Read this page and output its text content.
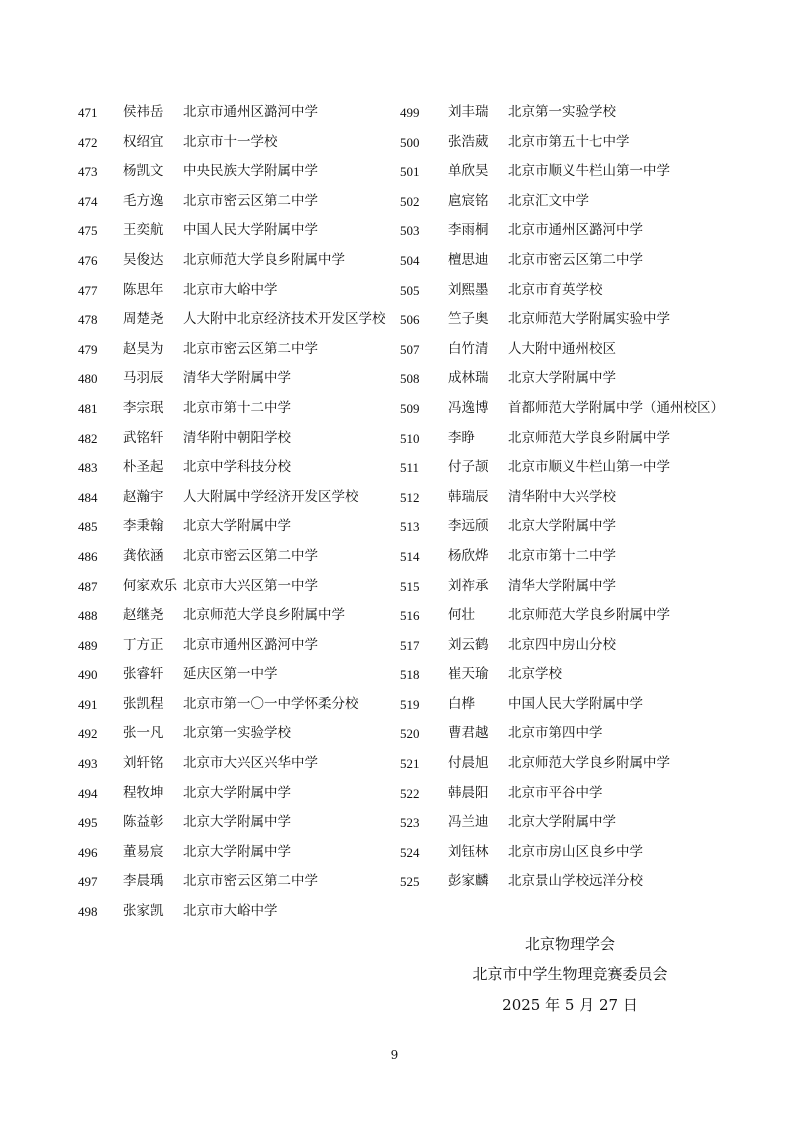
471	侯祎岳	北京市通州区潞河中学
472	权绍宜	北京市十一学校
473	杨凯文	中央民族大学附属中学
474	毛方逸	北京市密云区第二中学
475	王奕航	中国人民大学附属中学
476	吴俊达	北京师范大学良乡附属中学
477	陈思年	北京市大峪中学
478	周楚尧	人大附中北京经济技术开发区学校
479	赵昊为	北京市密云区第二中学
480	马羽辰	清华大学附属中学
481	李宗珉	北京市第十二中学
482	武铭轩	清华附中朝阳学校
483	朴圣起	北京中学科技分校
484	赵瀚宇	人大附属中学经济开发区学校
485	李秉翰	北京大学附属中学
486	龚依涵	北京市密云区第二中学
487	何家欢乐 北京市大兴区第一中学
488	赵继尧	北京师范大学良乡附属中学
489	丁方正	北京市通州区潞河中学
490	张睿轩	延庆区第一中学
491	张凯程	北京市第一〇一中学怀柔分校
492	张一凡	北京第一实验学校
493	刘轩铭	北京市大兴区兴华中学
494	程牧坤	北京大学附属中学
495	陈益彰	北京大学附属中学
496	董易宸	北京大学附属中学
497	李晨瑀	北京市密云区第二中学
498	张家凯	北京市大峪中学
499	刘丰瑞	北京第一实验学校
500	张浩葳	北京市第五十七中学
501	单欣昊	北京市顺义牛栏山第一中学
502	扈宸铭	北京汇文中学
503	李雨桐	北京市通州区潞河中学
504	檀思迪	北京市密云区第二中学
505	刘熙墨	北京市育英学校
506	竺子奥	北京师范大学附属实验中学
507	白竹清	人大附中通州校区
508	成林瑞	北京大学附属中学
509	冯逸博	首都师范大学附属中学（通州校区）
510	李睁	北京师范大学良乡附属中学
511	付子颉	北京市顺义牛栏山第一中学
512	韩瑞辰	清华附中大兴学校
513	李远颀	北京大学附属中学
514	杨欣烨	北京市第十二中学
515	刘祚承	清华大学附属中学
516	何壮	北京师范大学良乡附属中学
517	刘云鹤	北京四中房山分校
518	崔天瑜	北京学校
519	白桦	中国人民大学附属中学
520	曹君越	北京市第四中学
521	付晨旭	北京师范大学良乡附属中学
522	韩晨阳	北京市平谷中学
523	冯兰迪	北京大学附属中学
524	刘钰林	北京市房山区良乡中学
525	彭家麟	北京景山学校远洋分校
北京物理学会
北京市中学生物理竞赛委员会
2025 年 5 月 27 日
9
